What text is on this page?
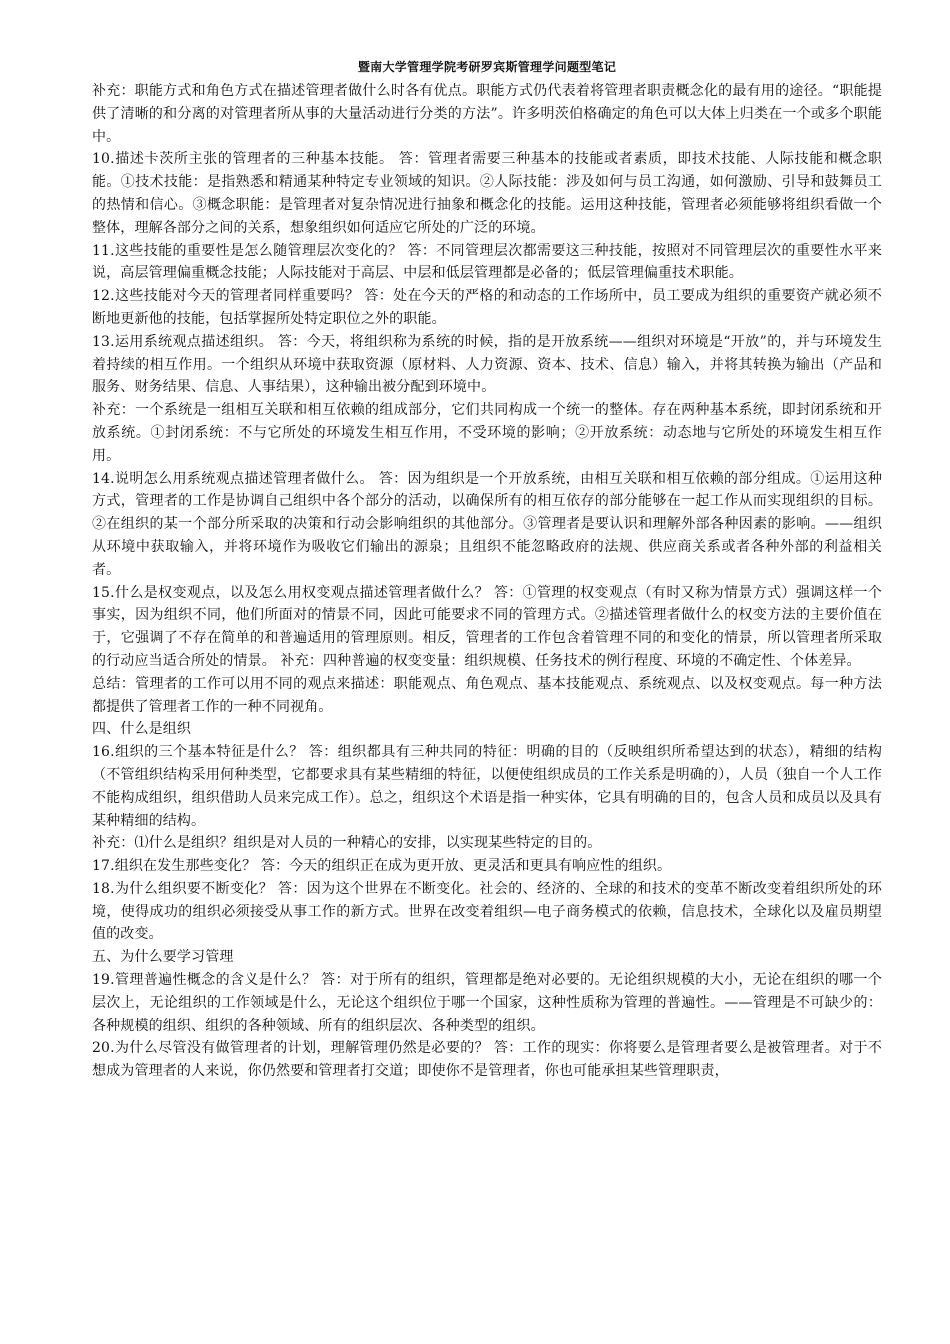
暨南大学管理学院考研罗宾斯管理学问题型笔记

补充：职能方式和角色方式在描述管理者做什么时各有优点。职能方式仍代表着将管理者职责概念化的最有用的途径。“职能提供了清晰的和分离的对管理者所从事的大量活动进行分类的方法”。许多明茨伯格确定的角色可以大体上归类在一个或多个职能中。

10.描述卡茨所主张的管理者的三种基本技能。 答：管理者需要三种基本的技能或者素质，即技术技能、人际技能和概念职能。①技术技能：是指熟悉和精通某种特定专业领域的知识。②人际技能：涉及如何与员工沟通，如何激励、引导和鼓舞员工的热情和信心。③概念职能：是管理者对复杂情况进行抽象和概念化的技能。运用这种技能，管理者必须能够将组织看做一个整体，理解各部分之间的关系，想象组织如何适应它所处的广泛的环境。

11.这些技能的重要性是怎么随管理层次变化的？ 答：不同管理层次都需要这三种技能，按照对不同管理层次的重要性水平来说，高层管理偏重概念技能；人际技能对于高层、中层和低层管理都是必备的；低层管理偏重技术职能。

12.这些技能对今天的管理者同样重要吗？ 答：处在今天的严格的和动态的工作场所中，员工要成为组织的重要资产就必须不断地更新他的技能，包括掌握所处特定职位之外的职能。

13.运用系统观点描述组织。 答：今天，将组织称为系统的时候，指的是开放系统——组织对环境是“开放”的，并与环境发生着持续的相互作用。一个组织从环境中获取资源（原材料、人力资源、资本、技术、信息）输入，并将其转换为输出（产品和服务、财务结果、信息、人事结果），这种输出被分配到环境中。

补充：一个系统是一组相互关联和相互依赖的组成部分，它们共同构成一个统一的整体。存在两种基本系统，即封闭系统和开放系统。①封闭系统：不与它所处的环境发生相互作用，不受环境的影响；②开放系统：动态地与它所处的环境发生相互作用。

14.说明怎么用系统观点描述管理者做什么。 答：因为组织是一个开放系统，由相互关联和相互依赖的部分组成。①运用这种方式，管理者的工作是协调自己组织中各个部分的活动，以确保所有的相互依存的部分能够在一起工作从而实现组织的目标。②在组织的某一个部分所采取的决策和行动会影响组织的其他部分。③管理者是要认识和理解外部各种因素的影响。——组织从环境中获取输入，并将环境作为吸收它们输出的源泉；且组织不能忽略政府的法规、供应商关系或者各种外部的利益相关者。

15.什么是权变观点，以及怎么用权变观点描述管理者做什么？ 答：①管理的权变观点（有时又称为情景方式）强调这样一个事实，因为组织不同，他们所面对的情景不同，因此可能要求不同的管理方式。②描述管理者做什么的权变方法的主要价值在于，它强调了不存在简单的和普遍适用的管理原则。相反，管理者的工作包含着管理不同的和变化的情景，所以管理者所采取的行动应当适合所处的情景。 补充：四种普遍的权变变量：组织规模、任务技术的例行程度、环境的不确定性、个体差异。

总结：管理者的工作可以用不同的观点来描述：职能观点、角色观点、基本技能观点、系统观点、以及权变观点。每一种方法都提供了管理者工作的一种不同视角。

四、什么是组织

16.组织的三个基本特征是什么？ 答：组织都具有三种共同的特征：明确的目的（反映组织所希望达到的状态），精细的结构（不管组织结构采用何种类型，它都要求具有某些精细的特征，以便使组织成员的工作关系是明确的），人员（独自一个人工作不能构成组织，组织借助人员来完成工作）。总之，组织这个术语是指一种实体，它具有明确的目的，包含人员和成员以及具有某种精细的结构。

补充：⑴什么是组织？组织是对人员的一种精心的安排，以实现某些特定的目的。

17.组织在发生那些变化？ 答：今天的组织正在成为更开放、更灵活和更具有响应性的组织。

18.为什么组织要不断变化？ 答：因为这个世界在不断变化。社会的、经济的、全球的和技术的变革不断改变着组织所处的环境，使得成功的组织必须接受从事工作的新方式。世界在改变着组织—电子商务模式的依赖，信息技术，全球化以及雇员期望值的改变。

五、为什么要学习管理

19.管理普遍性概念的含义是什么？ 答：对于所有的组织，管理都是绝对必要的。无论组织规模的大小，无论在组织的哪一个层次上，无论组织的工作领域是什么，无论这个组织位于哪一个国家，这种性质称为管理的普遍性。——管理是不可缺少的：各种规模的组织、组织的各种领域、所有的组织层次、各种类型的组织。

20.为什么尽管没有做管理者的计划，理解管理仍然是必要的？ 答：工作的现实：你将要么是管理者要么是被管理者。对于不想成为管理者的人来说，你仍然要和管理者打交道；即使你不是管理者，你也可能承担某些管理职责，
